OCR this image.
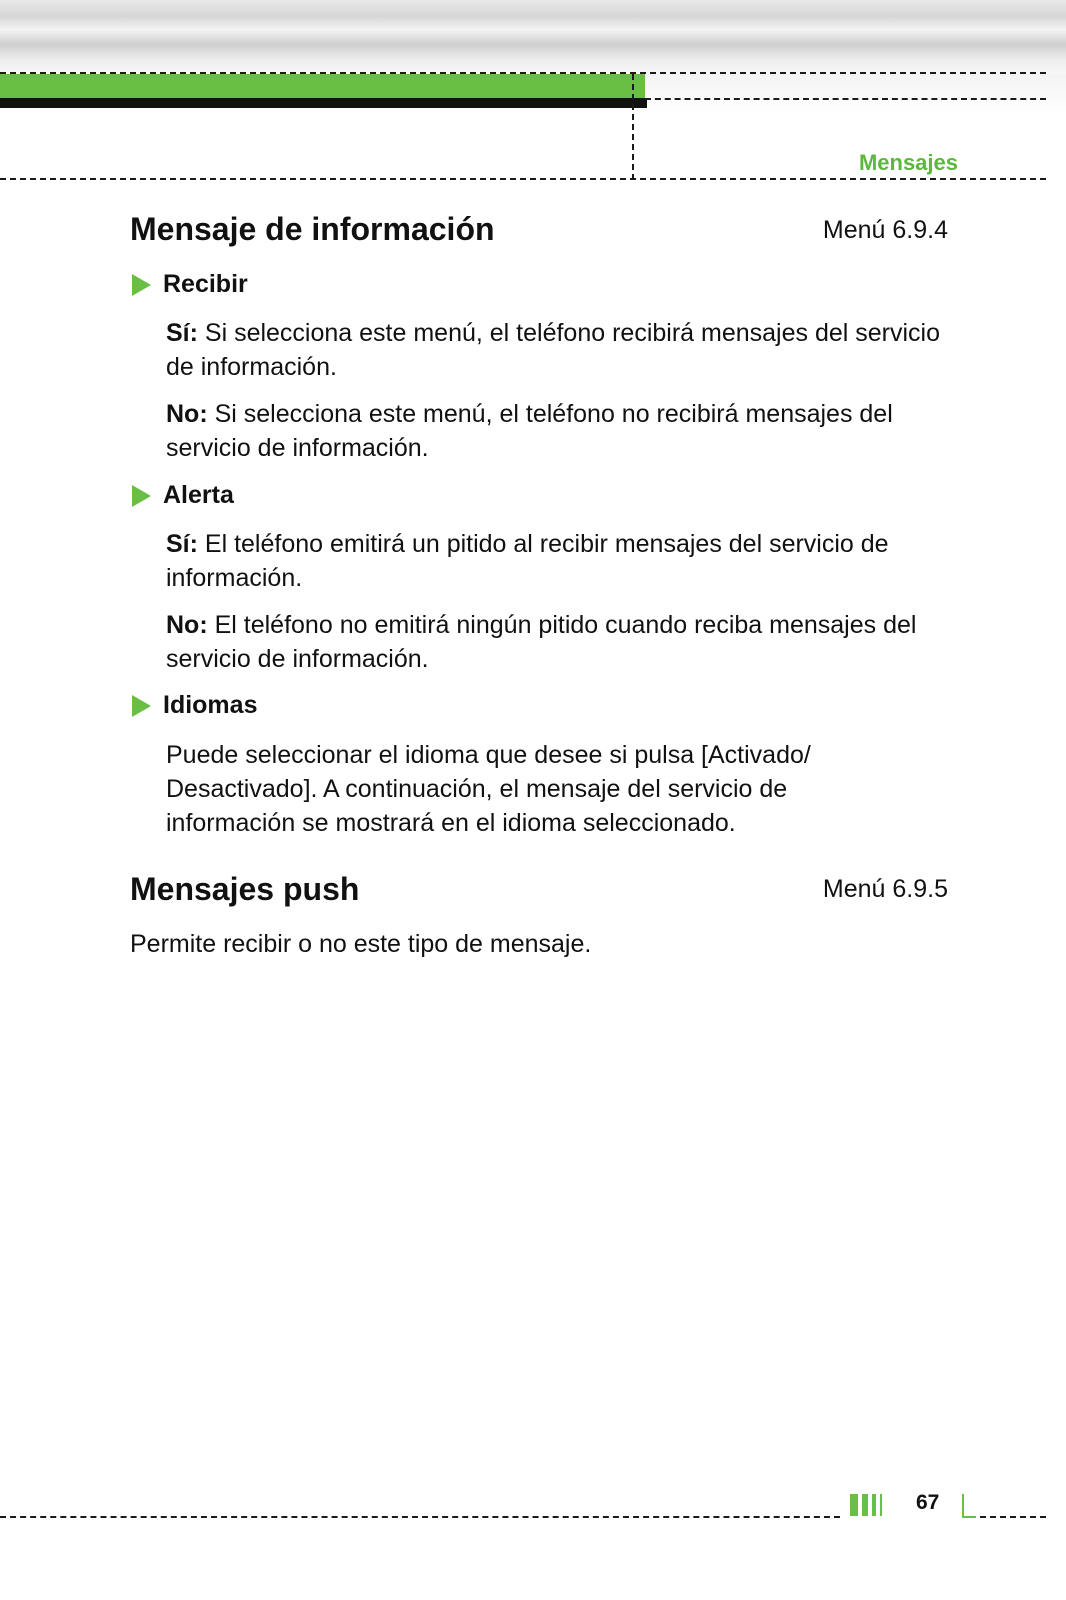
Mensajes
Mensaje de información	Menú 6.9.4
Recibir
Sí: Si selecciona este menú, el teléfono recibirá mensajes del servicio de información.
No: Si selecciona este menú, el teléfono no recibirá mensajes del servicio de información.
Alerta
Sí: El teléfono emitirá un pitido al recibir mensajes del servicio de información.
No: El teléfono no emitirá ningún pitido cuando reciba mensajes del servicio de información.
Idiomas
Puede seleccionar el idioma que desee si pulsa [Activado/ Desactivado]. A continuación, el mensaje del servicio de información se mostrará en el idioma seleccionado.
Mensajes push	Menú 6.9.5
Permite recibir o no este tipo de mensaje.
67
